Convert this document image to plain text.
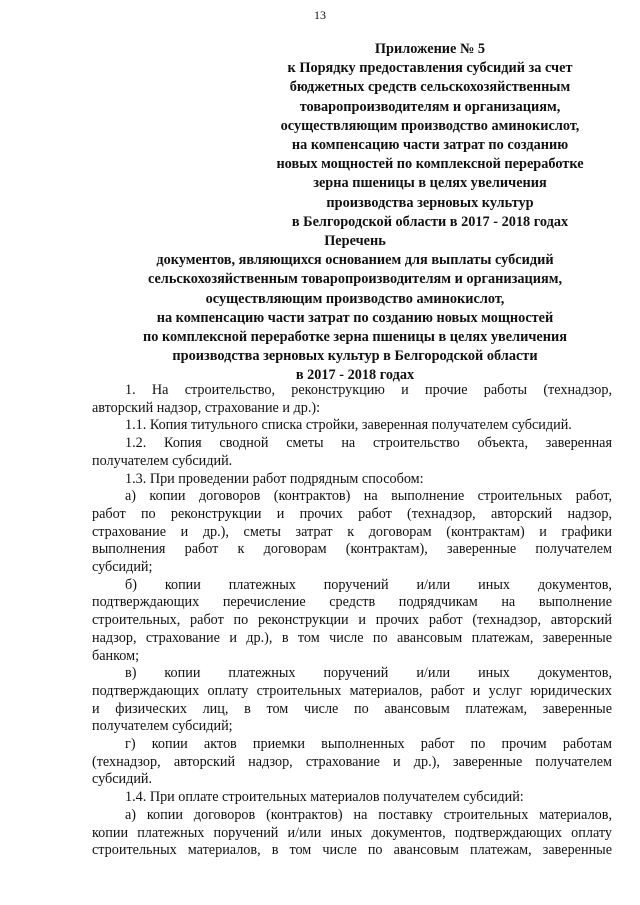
13
Приложение № 5
к Порядку предоставления субсидий за счет
бюджетных средств сельскохозяйственным
товаропроизводителям и организациям,
осуществляющим производство аминокислот,
на компенсацию части затрат по созданию
новых мощностей по комплексной переработке
зерна пшеницы в целях увеличения
производства зерновых культур
в Белгородской области в 2017 - 2018 годах
Перечень
документов, являющихся основанием для выплаты субсидий
сельскохозяйственным товаропроизводителям и организациям,
осуществляющим производство аминокислот,
на компенсацию части затрат по созданию новых мощностей
по комплексной переработке зерна пшеницы в целях увеличения
производства зерновых культур в Белгородской области
в 2017 - 2018 годах
1. На строительство, реконструкцию и прочие работы (технадзор,
авторский надзор, страхование и др.):
1.1. Копия титульного списка стройки, заверенная получателем субсидий.
1.2. Копия сводной сметы на строительство объекта, заверенная
получателем субсидий.
1.3. При проведении работ подрядным способом:
а) копии договоров (контрактов) на выполнение строительных работ,
работ по реконструкции и прочих работ (технадзор, авторский надзор,
страхование и др.), сметы затрат к договорам (контрактам) и графики
выполнения работ к договорам (контрактам), заверенные получателем
субсидий;
б) копии платежных поручений и/или иных документов,
подтверждающих перечисление средств подрядчикам на выполнение
строительных, работ по реконструкции и прочих работ (технадзор, авторский
надзор, страхование и др.), в том числе по авансовым платежам, заверенные
банком;
в) копии платежных поручений и/или иных документов,
подтверждающих оплату строительных материалов, работ и услуг юридических
и физических лиц, в том числе по авансовым платежам, заверенные
получателем субсидий;
г) копии актов приемки выполненных работ по прочим работам
(технадзор, авторский надзор, страхование и др.), заверенные получателем
субсидий.
1.4. При оплате строительных материалов получателем субсидий:
а) копии договоров (контрактов) на поставку строительных материалов,
копии платежных поручений и/или иных документов, подтверждающих оплату
строительных материалов, в том числе по авансовым платежам, заверенные
